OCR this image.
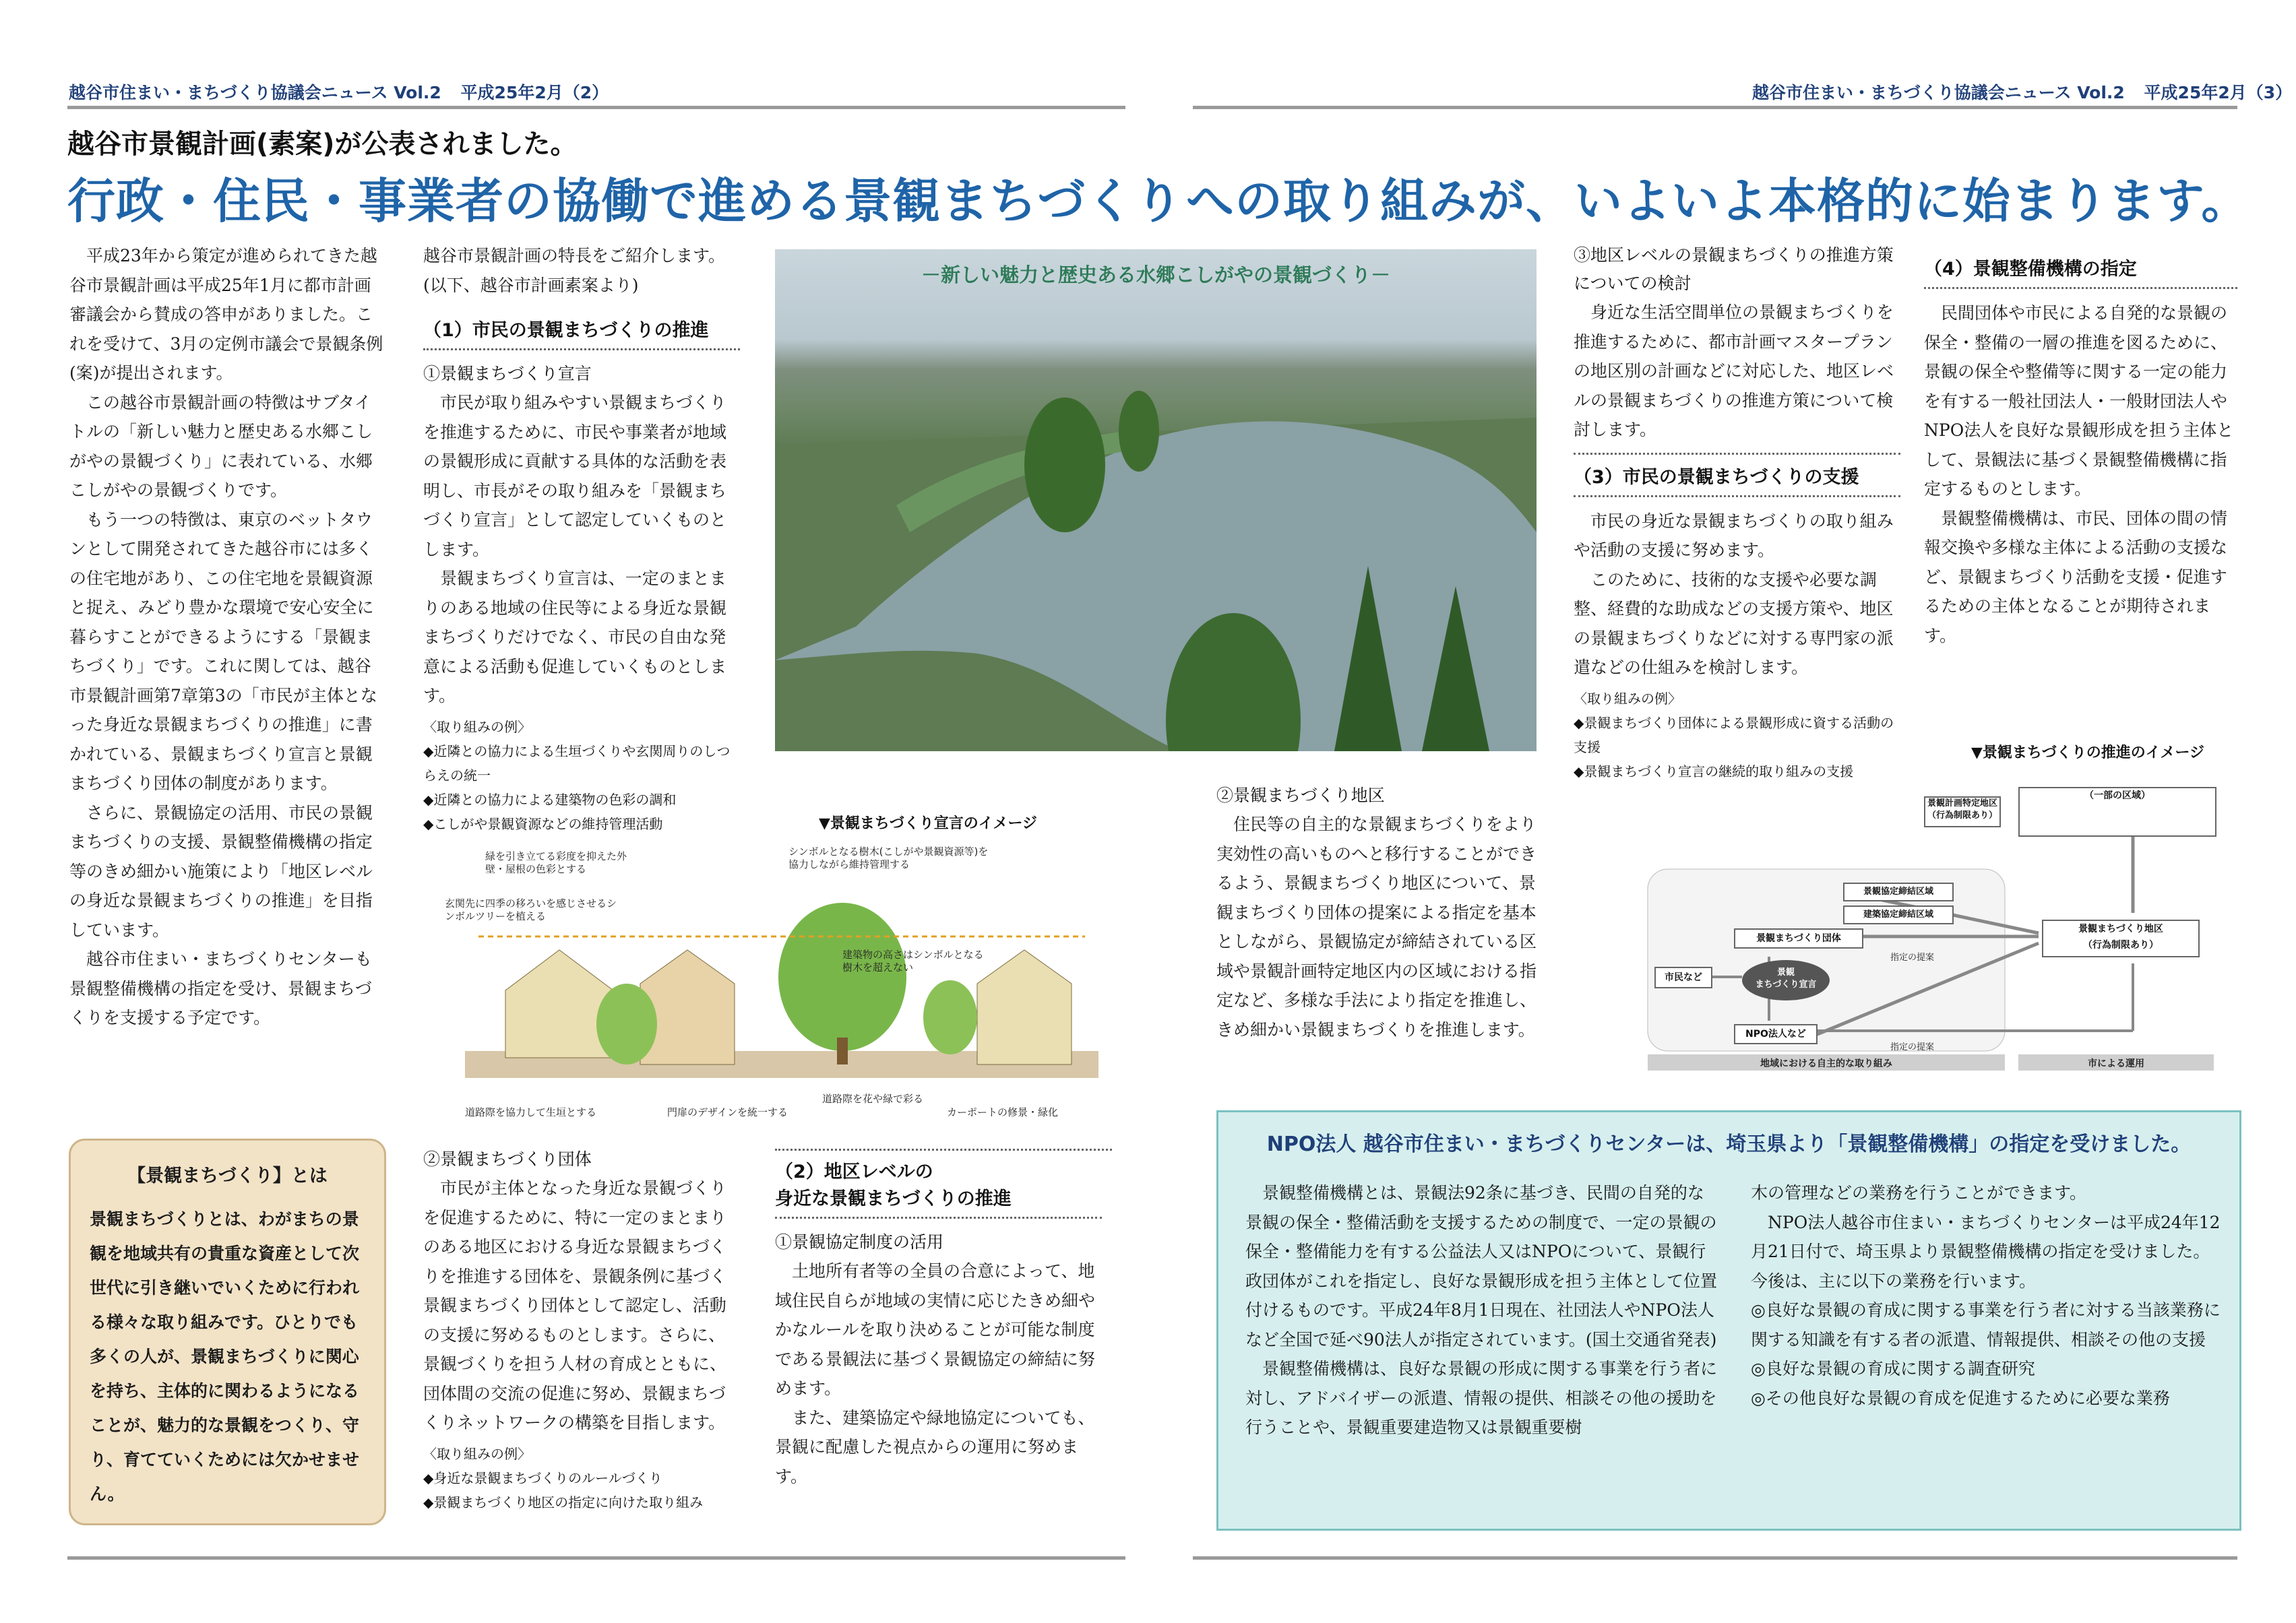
越谷市住まい・まちづくり協議会ニュース Vol.2 平成25年2月（2）	越谷市住まい・まちづくり協議会ニュース Vol.2 平成25年2月（3）
越谷市景観計画(素案)が公表されました。
行政・住民・事業者の協働で進める景観まちづくり への取り組みが、いよいよ本格的に始まります。

平成23年から策定が進められてきた越谷市景観計画は平成25年1月に都市計画審議会から賛成の答申がありました。これを受けて、3月の定例市議会で景観条例(案)が提出されます。

この越谷市景観計画の特徴はサブタイトルの「新しい魅力と歴史ある水郷こしがやの景観づくり」に表れている、水郷こしがやの景観づくりです。

もう一つの特徴は、東京のベットタウンとして開発されてきた越谷市には多くの住宅地があり、この住宅地を景観資源と捉え、みどり豊かな環境で安心安全に暮らすことができるようにする「景観まちづくり」です。これに関しては、越谷市景観計画第7章第3の「市民が主体となった身近な景観まちづくりの推進」に書かれている、景観まちづくり宣言と景観まちづくり団体の制度があります。

さらに、景観協定の活用、市民の景観まちづくりの支援、景観整備機構の指定等のきめ細かい施策により「地区レベルの身近な景観まちづくりの推進」を目指しています。

越谷市住まい・まちづくりセンターも景観整備機構の指定を受け、景観まちづくりを支援する予定です。

【景観まちづくり】とは
景観まちづくりとは、わがまちの景観を地域共有の貴重な資産として次世代に引き継いでいくために行われる様々な取り組みです。ひとりでも多くの人が、景観まちづくりに関心を持ち、主体的に関わるようになることが、魅力的な景観をつくり、守り、育てていくためには欠かせません。

越谷市景観計画の特長をご紹介します。(以下、越谷市計画素案より)

（1）市民の景観まちづくりの推進
①景観まちづくり宣言

市民が取り組みやすい景観まちづくりを推進するために、市民や事業者が地域の景観形成に貢献する具体的な活動を表明し、市長がその取り組みを「景観まちづくり宣言」として認定していくものとします。

景観まちづくり宣言は、一定のまとまりのある地域の住民等による身近な景観まちづくりだけでなく、市民の自由な発意による活動も促進していくものとします。

〈取り組みの例〉
◆近隣との協力による生垣づくりや玄関周りのしつらえの統一
◆近隣との協力による建築物の色彩の調和
◆こしがや景観資源などの維持管理活動
－新しい魅力と歴史ある水郷こしがやの景観づくり－
▼景観まちづくり宣言のイメージ
緑を引き立てる彩度を抑えた外壁・屋根の色彩とする
シンボルとなる樹木(こしがや景観資源等)を協力しながら維持管理する
玄関先に四季の移ろいを感じさせるシンボルツリーを植える
建築物の高さはシンボルとなる樹木を超えない
道路際を協力して生垣とする	門扉のデザインを統一する
道路際を花や緑で彩る
カーポートの修景・緑化
②景観まちづくり団体

市民が主体となった身近な景観づくりを促進するために、特に一定のまとまりのある地区における身近な景観まちづくりを推進する団体を、景観条例に基づく景観まちづくり団体として認定し、活動の支援に努めるものとします。さらに、景観づくりを担う人材の育成とともに、団体間の交流の促進に努め、景観まちづくりネットワークの構築を目指します。

〈取り組みの例〉
◆身近な景観まちづくりのルールづくり
◆景観まちづくり地区の指定に向けた取り組み
（2）地区レベルの
身近な景観まちづくりの推進
①景観協定制度の活用

土地所有者等の全員の合意によって、地域住民自らが地域の実情に応じたきめ細やかなルールを取り決めることが可能な制度である景観法に基づく景観協定の締結に努めます。

また、建築協定や緑地協定についても、景観に配慮した視点からの運用に努めます。

②景観まちづくり地区

住民等の自主的な景観まちづくりをより実効性の高いものへと移行することができるよう、景観まちづくり地区について、景観まちづくり団体の提案による指定を基本としながら、景観協定が締結されている区域や景観計画特定地区内の区域における指定など、多様な手法により指定を推進し、きめ細かい景観まちづくりを推進します。

③地区レベルの景観まちづくりの推進方策についての検討

身近な生活空間単位の景観まちづくりを推進するために、都市計画マスタープランの地区別の計画などに対応した、地区レベルの景観まちづくりの推進方策について検討します。

（3）市民の景観まちづくりの支援

市民の身近な景観まちづくりの取り組みや活動の支援に努めます。

このために、技術的な支援や必要な調整、経費的な助成などの支援方策や、地区の景観まちづくりなどに対する専門家の派遣などの仕組みを検討します。

〈取り組みの例〉
◆景観まちづくり団体による景観形成に資する活動の支援
◆景観まちづくり宣言の継続的取り組みの支援
（4）景観整備機構の指定

民間団体や市民による自発的な景観の保全・整備の一層の推進を図るために、景観の保全や整備等に関する一定の能力を有する一般社団法人・一般財団法人やNPO法人を良好な景観形成を担う主体として、景観法に基づく景観整備機構に指定するものとします。

景観整備機構は、市民、団体の間の情報交換や多様な主体による活動の支援など、景観まちづくり活動を支援・促進するための主体となることが期待されます。

▼景観まちづくりの推進のイメージ
景観計画特定地区
（行為制限あり）
（一部の区域）
景観協定締結区域
建築協定締結区域
景観まちづくり団体
景観まちづくり地区
（行為制限あり）
市民など	景観
まちづくり宣言
NPO法人など
指定の提案
指定の提案
地域における自主的な取り組み	市による運用
NPO法人 越谷市住まい・まちづくりセンターは、埼玉県より「景観整備機構」の指定を受けました。

景観整備機構とは、景観法92条に基づき、民間の自発的な景観の保全・整備活動を支援するための制度で、一定の景観の保全・整備能力を有する公益法人又はNPOについて、景観行政団体がこれを指定し、良好な景観形成を担う主体として位置付けるものです。平成24年8月1日現在、社団法人やNPO法人など全国で延べ90法人が指定されています。(国土交通省発表)

景観整備機構は、良好な景観の形成に関する事業を行う者に対し、アドバイザーの派遣、情報の提供、相談その他の援助を行うことや、景観重要建造物又は景観重要樹

木の管理などの業務を行うことができます。

NPO法人越谷市住まい・まちづくりセンターは平成24年12月21日付で、埼玉県より景観整備機構の指定を受けました。今後は、主に以下の業務を行います。

◎良好な景観の育成に関する事業を行う者に対する当該業務に関する知識を有する者の派遣、情報提供、相談その他の支援

◎良好な景観の育成に関する調査研究

◎その他良好な景観の育成を促進するために必要な業務
